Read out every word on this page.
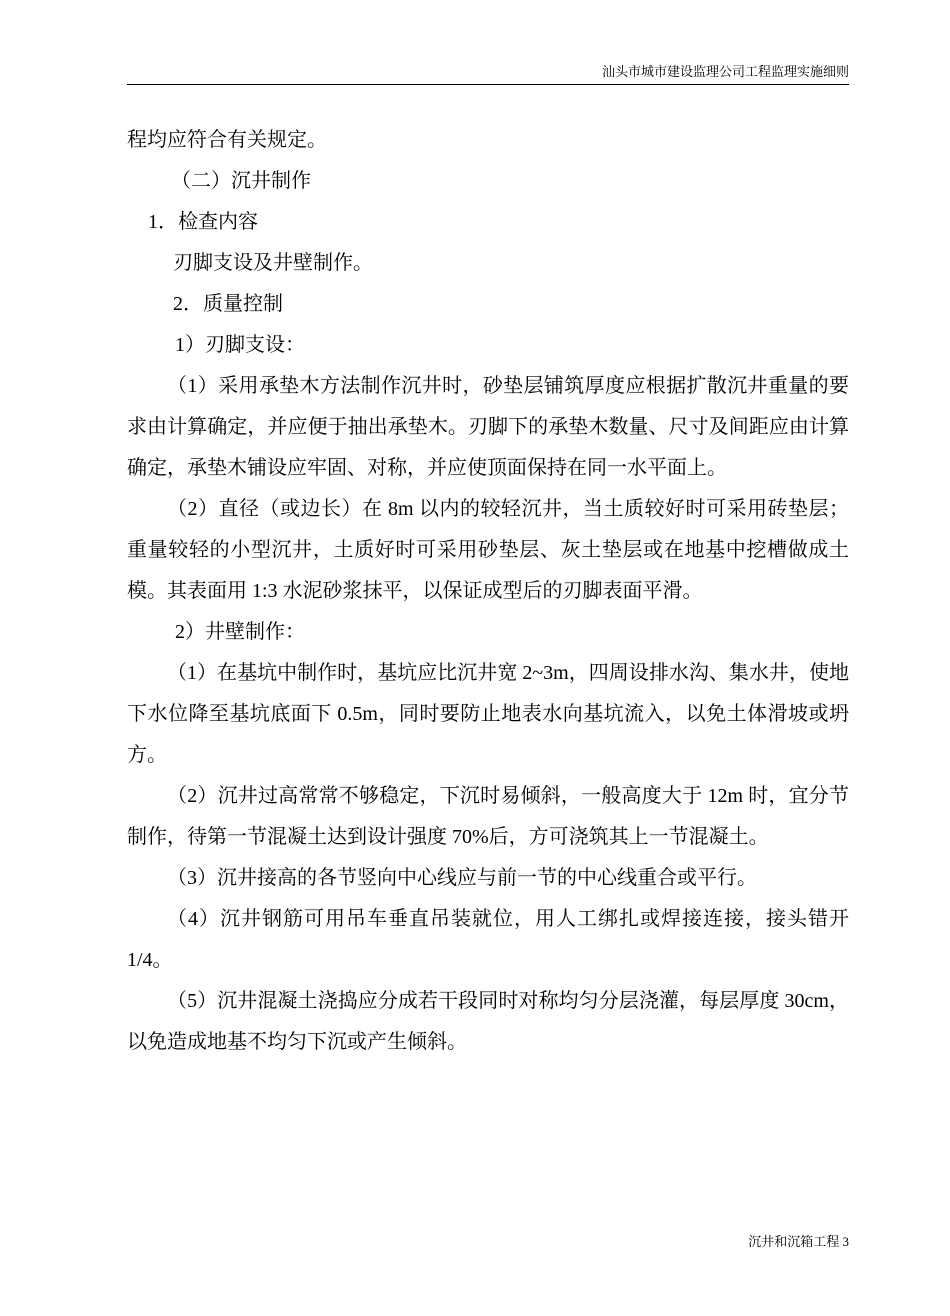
汕头市城市建设监理公司工程监理实施细则

程均应符合有关规定。

（二）沉井制作

1．检查内容

刃脚支设及井壁制作。

2．质量控制

1）刃脚支设：

（1）采用承垫木方法制作沉井时，砂垫层铺筑厚度应根据扩散沉井重量的要求由计算确定，并应便于抽出承垫木。刃脚下的承垫木数量、尺寸及间距应由计算确定，承垫木铺设应牢固、对称，并应使顶面保持在同一水平面上。

（2）直径（或边长）在 8m 以内的较轻沉井，当土质较好时可采用砖垫层；重量较轻的小型沉井，土质好时可采用砂垫层、灰土垫层或在地基中挖槽做成土模。其表面用 1:3 水泥砂浆抹平，以保证成型后的刃脚表面平滑。

2）井壁制作：

（1）在基坑中制作时，基坑应比沉井宽 2~3m，四周设排水沟、集水井，使地下水位降至基坑底面下 0.5m，同时要防止地表水向基坑流入，以免土体滑坡或坍方。

（2）沉井过高常常不够稳定，下沉时易倾斜，一般高度大于 12m 时，宜分节制作，待第一节混凝土达到设计强度 70%后，方可浇筑其上一节混凝土。

（3）沉井接高的各节竖向中心线应与前一节的中心线重合或平行。

（4）沉井钢筋可用吊车垂直吊装就位，用人工绑扎或焊接连接，接头错开 1/4。

（5）沉井混凝土浇捣应分成若干段同时对称均匀分层浇灌，每层厚度 30cm，以免造成地基不均匀下沉或产生倾斜。

沉井和沉箱工程 3
